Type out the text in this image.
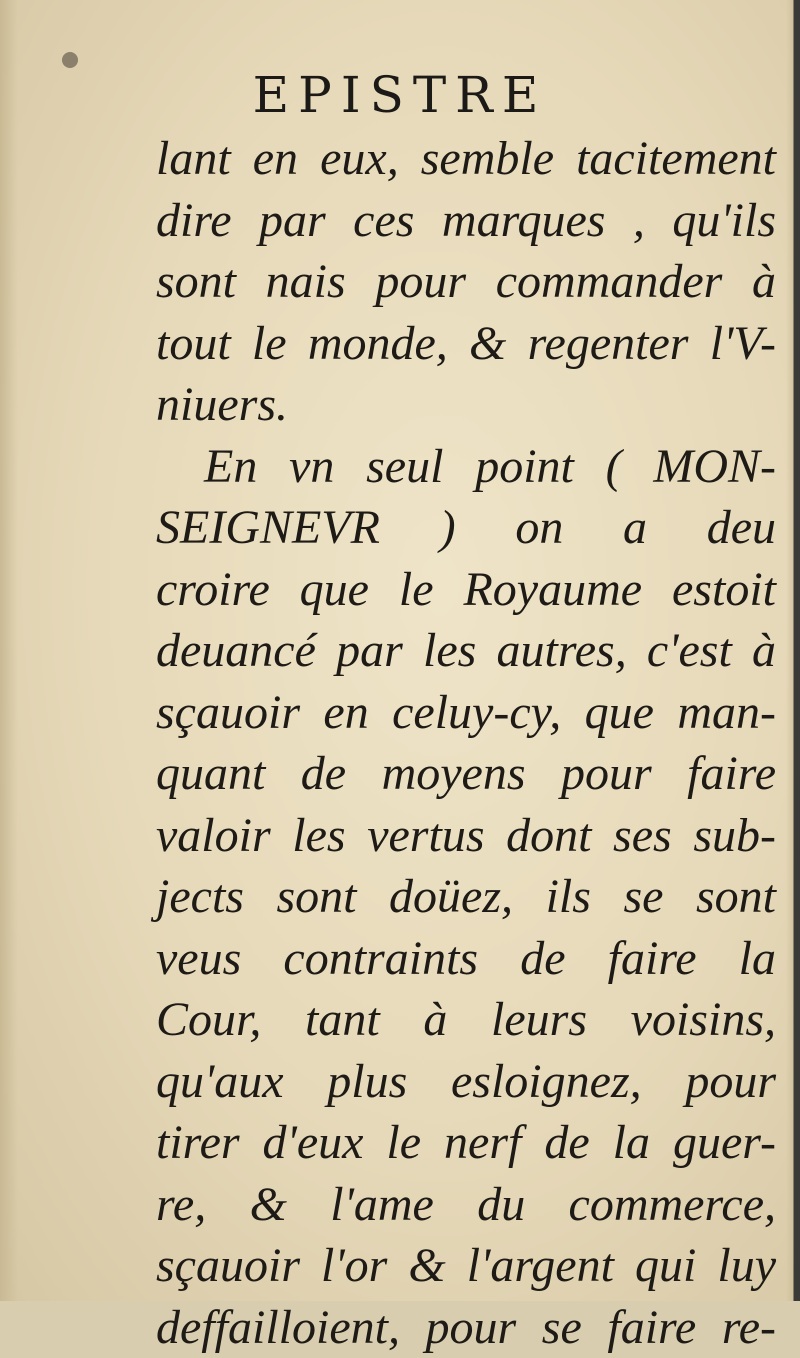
EPISTRE
lant en eux, semble tacitement
dire par ces marques , qu'ils
sont nais pour commander à
tout le monde, & regenter l'V-
niuers.
En vn seul point ( MON-
SEIGNEVR ) on a deu
croire que le Royaume estoit
deuancé par les autres, c'est à
sçauoir en celuy-cy, que man-
quant de moyens pour faire
valoir les vertus dont ses sub-
jects sont doüez, ils se sont
veus contraints de faire la
Cour, tant à leurs voisins,
qu'aux plus esloignez, pour
tirer d'eux le nerf de la guer-
re, & l'ame du commerce,
sçauoir l'or & l'argent qui luy
deffailloient, pour se faire re-
